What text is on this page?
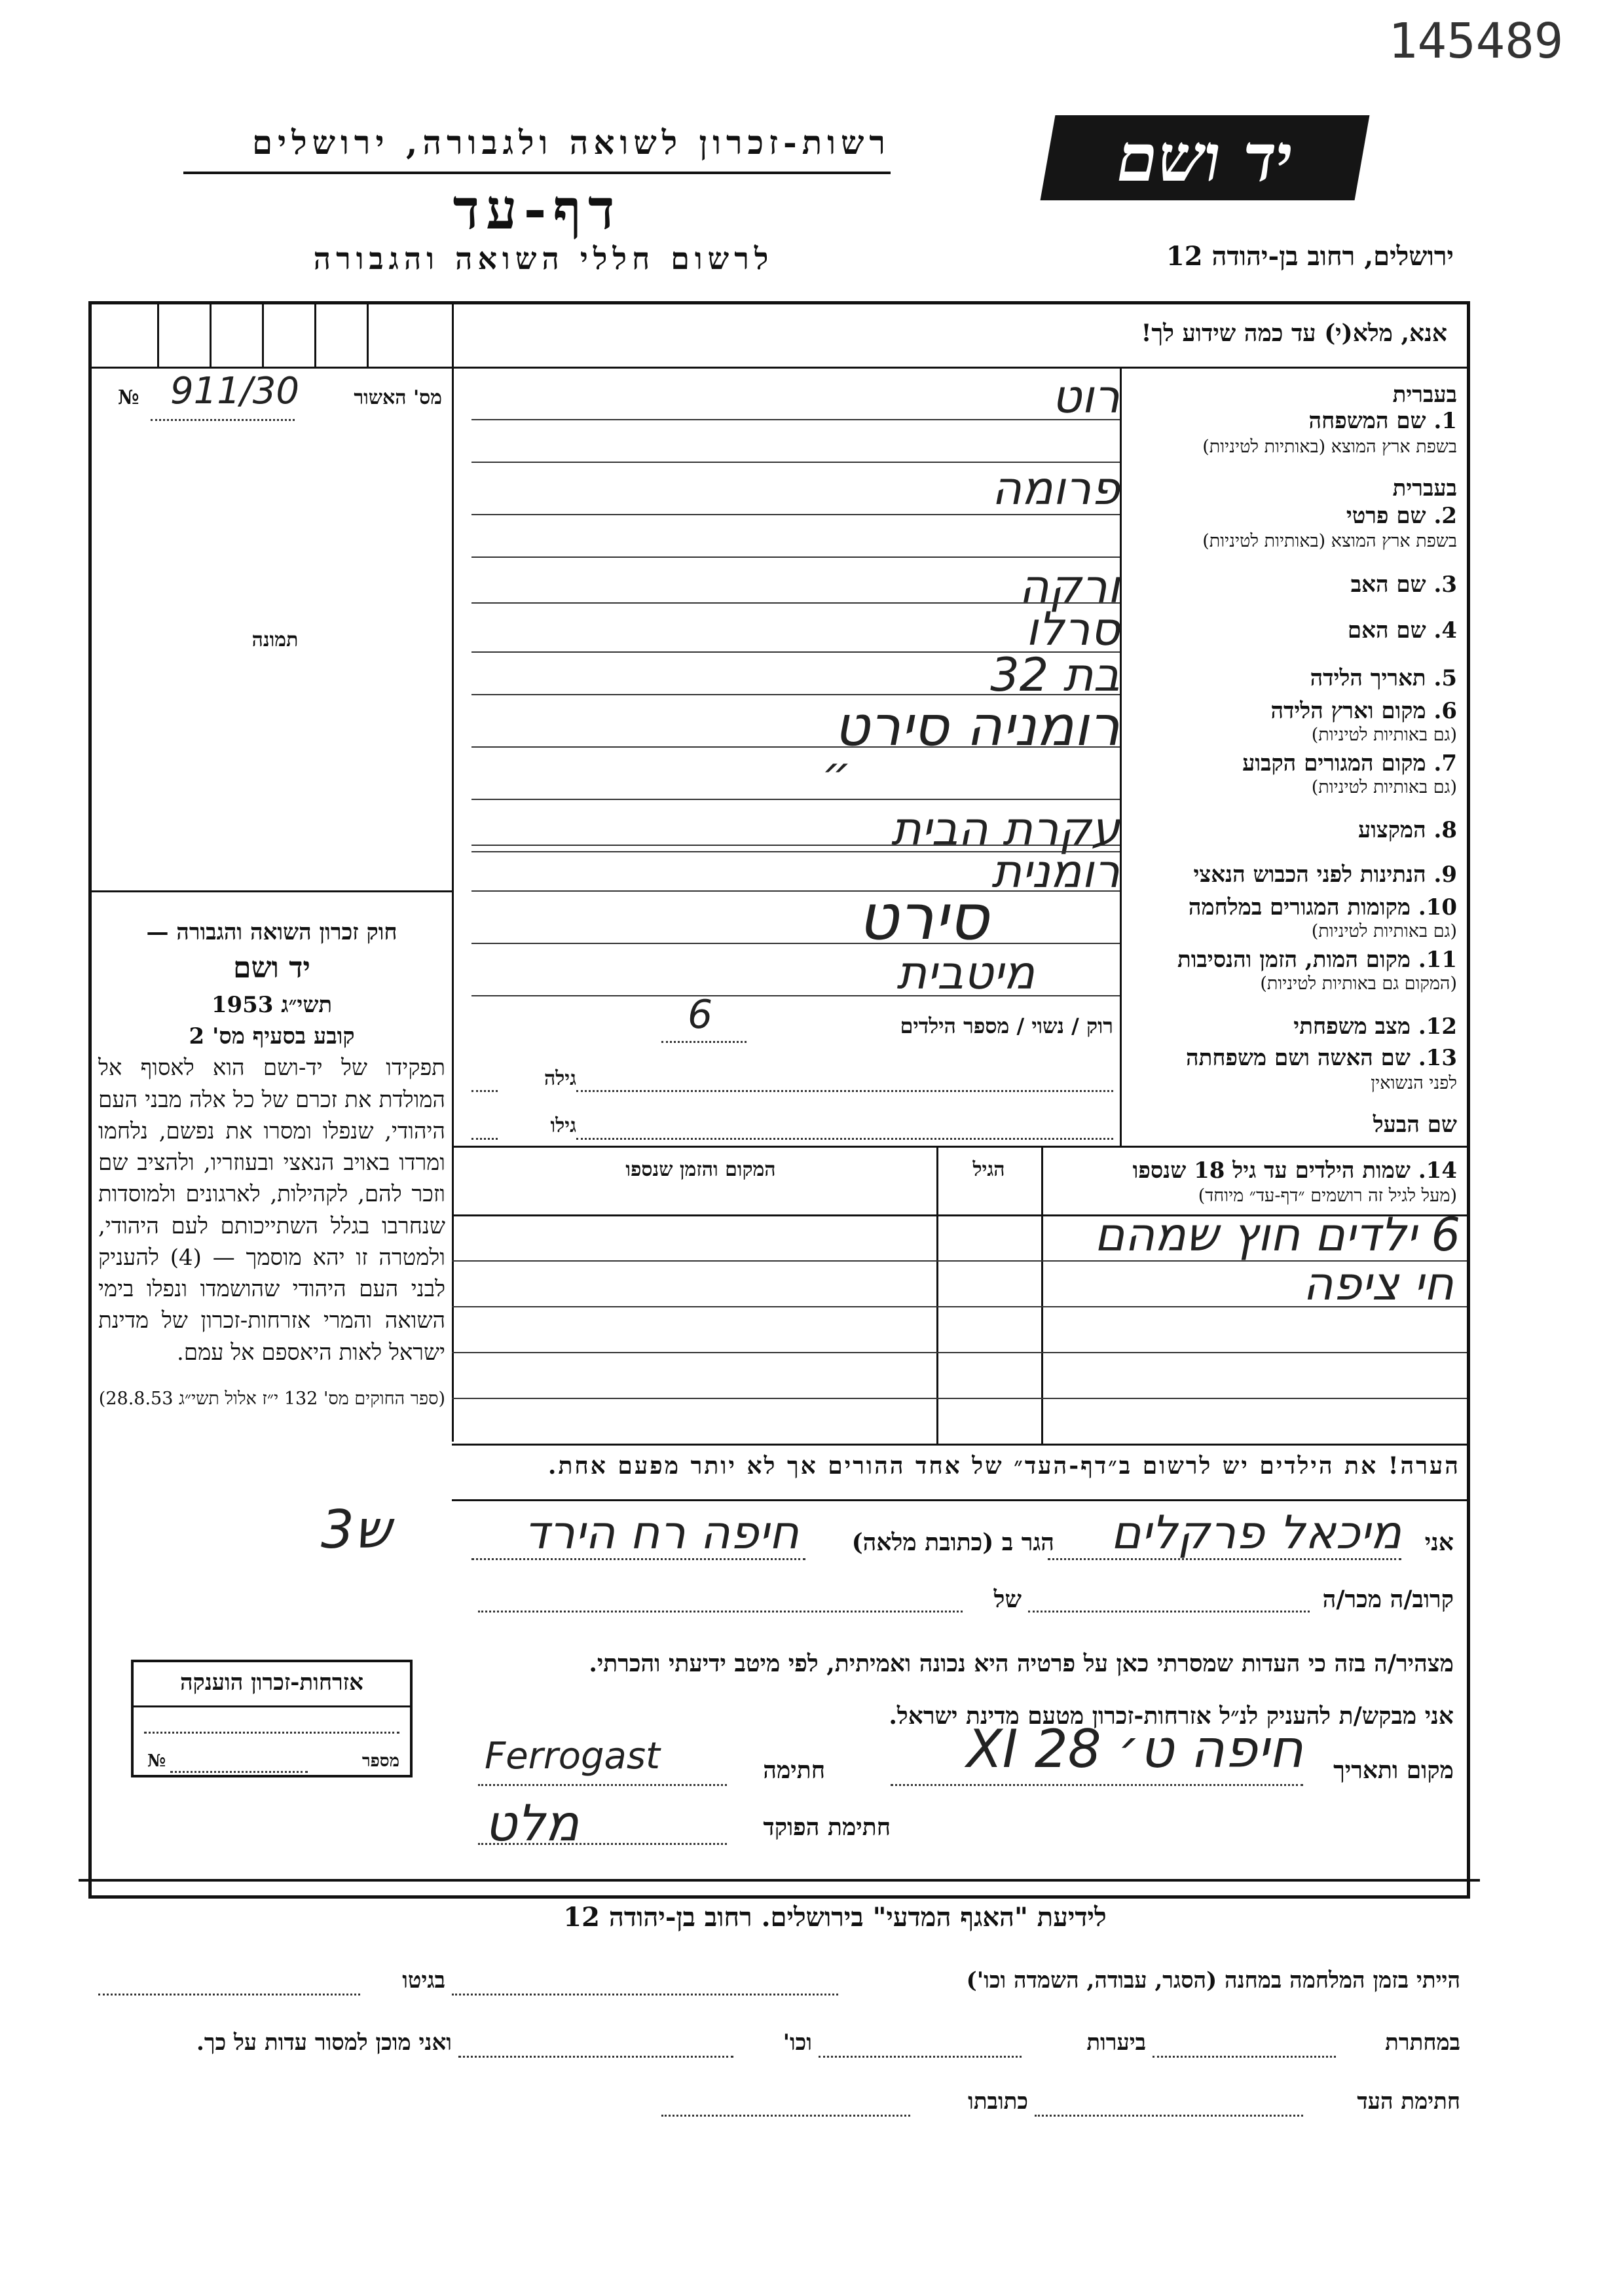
145489
רשות-זכרון לשואה ולגבורה, ירושלים
דף-עד
לרשום חללי השואה והגבורה
יד ושם
ירושלים, רחוב בן-יהודה 12
אנא, מלא(י) עד כמה שידוע לך!
מס' האשור
№ 911/30
תמונה
בעברית
1. שם המשפחה
בשפת ארץ המוצא (באותיות לטיניות)
רוט
בעברית
2. שם פרטי
בשפת ארץ המוצא (באותיות לטיניות)
פרומה
3. שם האב
ורקה
4. שם האם
סרלו
5. תאריך הלידה
בת 32
6. מקום וארץ הלידה
(גם באותיות לטיניות)
רומניה סירט
7. מקום המגורים הקבוע
(גם באותיות לטיניות)
״
8. המקצוע
עקרת הבית
9. הנתינות לפני הכבוש הנאצי
רומנית
10. מקומות המגורים במלחמה
(גם באותיות לטיניות)
סירט
11. מקום המות, הזמן והנסיבות
(המקום גם באותיות לטיניות)
מיטבית
12. מצב משפחתי
רוק / נשוי / מספר הילדים
6
13. שם האשה ושם משפחתה
לפני הנשואין
גילה
שם הבעל
גילו
14. שמות הילדים עד גיל 18 שנספו
(מעל לגיל זה רושמים ״דף-עד״ מיוחד)
הגיל
המקום והזמן שנספו
6 ילדים חוץ שמהם
חי ציפה
חוק זכרון השואה והגבורה —
יד ושם
תשי״ג 1953
קובע בסעיף מס' 2
תפקידו של יד-ושם הוא לאסוף אל המולדת את זכרם של כל אלה מבני העם היהודי, שנפלו ומסרו את נפשם, נלחמו ומרדו באויב הנאצי ובעוזריו, ולהציב שם וזכר להם, לקהילות, לארגונים ולמוסדות שנחרבו בגלל השתייכותם לעם היהודי, ולמטרה זו יהא מוסמך — (4) להעניק לבני העם היהודי שהושמדו ונפלו בימי השואה והמרי אזרחות-זכרון של מדינת ישראל לאות היאספם אל עמם.
(ספר החוקים מס' 132 י״ז אלול תשי״ג 28.8.53)
הערה! את הילדים יש לרשום ב״דף-העד״ של אחד ההורים אך לא יותר מפעם אחת.
3ש	אני
מיכאל פרקלים
הגר ב (כתובת מלאה)
חיפה רח הירד
קרוב/ה מכר/ה
של
מצהיר/ה בזה כי העדות שמסרתי כאן על פרטיה היא נכונה ואמיתית, לפי מיטב ידיעתי והכרתי.
אני מבקש/ת להעניק לנ״ל אזרחות-זכרון מטעם מדינת ישראל.
מקום ותאריך
חיפה ט׳ 28 XI
חתימה
Ferrogast
חתימת הפוקד
מלט
אזרחות-זכרון הוענקה
מספר
№
לידיעת "האגף המדעי" בירושלים. רחוב בן-יהודה 12
הייתי בזמן המלחמה במחנה (הסגר, עבודה, השמדה וכו')
בגיטו
במחתרת
ביערות
וכו'
ואני מוכן למסור עדות על כך.
חתימת העד
כתובתו
